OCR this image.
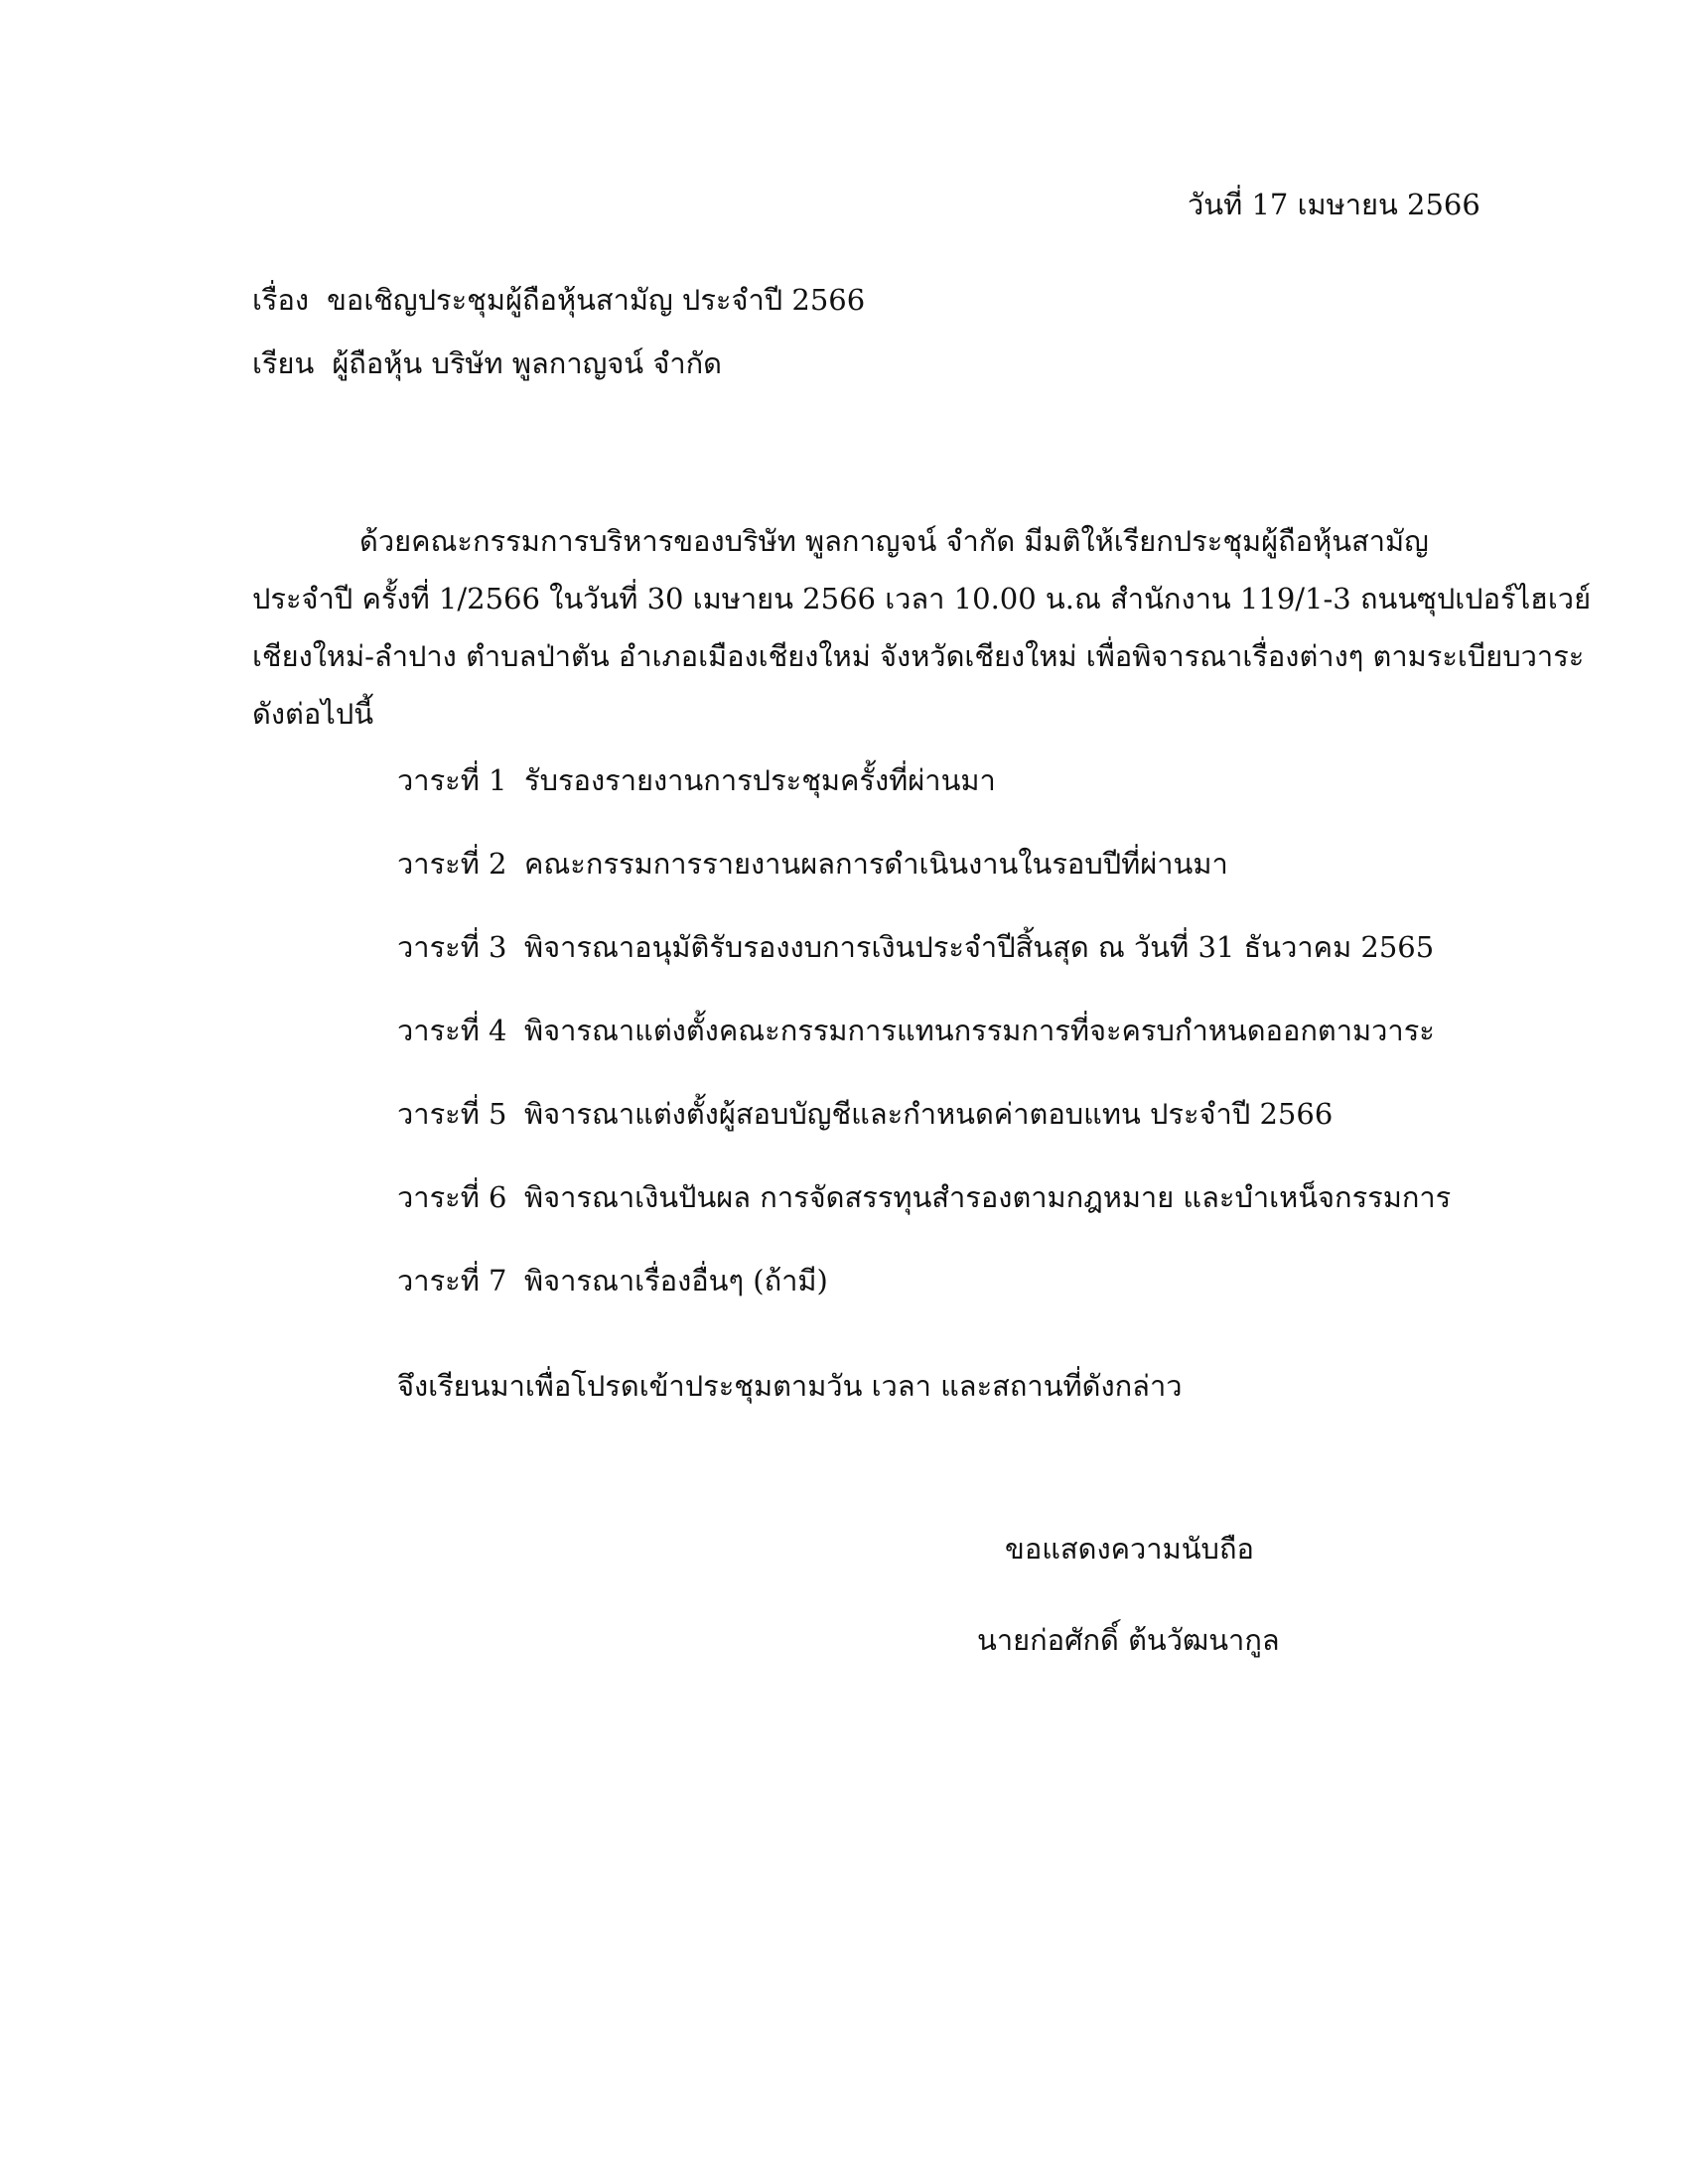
วันที่ 17 เมษายน 2566
เรื่อง ขอเชิญประชุมผู้ถือหุ้นสามัญ ประจำปี 2566
เรียน ผู้ถือหุ้น บริษัท พูลกาญจน์ จำกัด
ด้วยคณะกรรมการบริหารของบริษัท พูลกาญจน์ จำกัด มีมติให้เรียกประชุมผู้ถือหุ้นสามัญ
ประจำปี ครั้งที่ 1/2566 ในวันที่ 30 เมษายน 2566 เวลา 10.00 น.ณ สำนักงาน 119/1-3 ถนนซุปเปอร์ไฮเวย์
เชียงใหม่-ลำปาง ตำบลป่าตัน อำเภอเมืองเชียงใหม่ จังหวัดเชียงใหม่ เพื่อพิจารณาเรื่องต่างๆ ตามระเบียบวาระ
ดังต่อไปนี้
วาระที่ 1 รับรองรายงานการประชุมครั้งที่ผ่านมา
วาระที่ 2 คณะกรรมการรายงานผลการดำเนินงานในรอบปีที่ผ่านมา
วาระที่ 3 พิจารณาอนุมัติรับรองงบการเงินประจำปีสิ้นสุด ณ วันที่ 31 ธันวาคม 2565
วาระที่ 4 พิจารณาแต่งตั้งคณะกรรมการแทนกรรมการที่จะครบกำหนดออกตามวาระ
วาระที่ 5 พิจารณาแต่งตั้งผู้สอบบัญชีและกำหนดค่าตอบแทน ประจำปี 2566
วาระที่ 6 พิจารณาเงินปันผล การจัดสรรทุนสำรองตามกฎหมาย และบำเหน็จกรรมการ
วาระที่ 7 พิจารณาเรื่องอื่นๆ (ถ้ามี)
จึงเรียนมาเพื่อโปรดเข้าประชุมตามวัน เวลา และสถานที่ดังกล่าว
ขอแสดงความนับถือ
นายก่อศักดิ์ ต้นวัฒนากูล
